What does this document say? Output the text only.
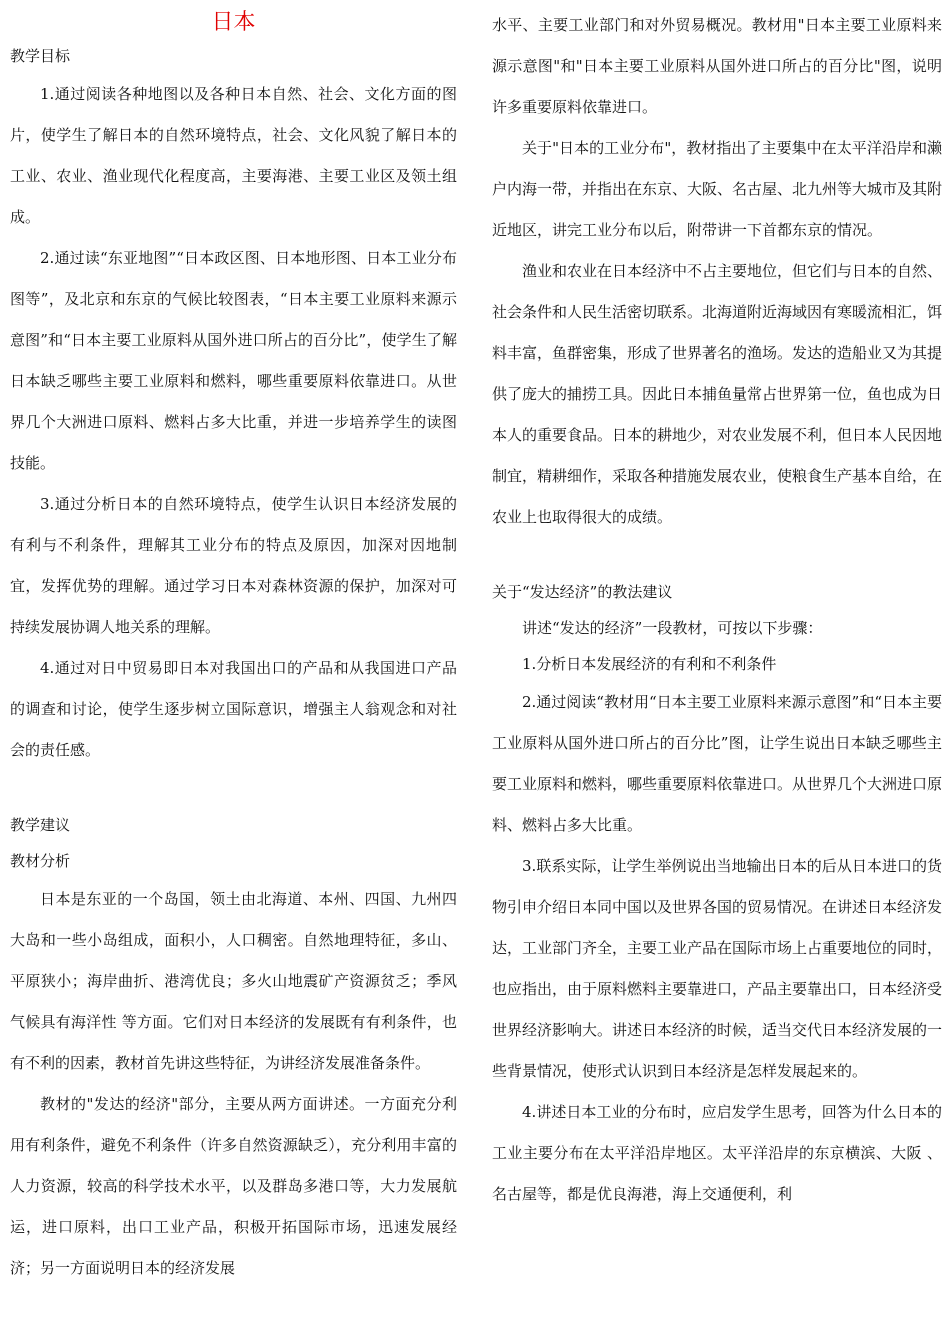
日本
教学目标

1.通过阅读各种地图以及各种日本自然、社会、文化方面的图片，使学生了解日本的自然环境特点，社会、文化风貌了解日本的工业、农业、渔业现代化程度高，主要海港、主要工业区及领土组成。

2.通过读“东亚地图”“日本政区图、日本地形图、日本工业分布图等”，及北京和东京的气候比较图表，“日本主要工业原料来源示意图”和“日本主要工业原料从国外进口所占的百分比”，使学生了解日本缺乏哪些主要工业原料和燃料，哪些重要原料依靠进口。从世界几个大洲进口原料、燃料占多大比重，并进一步培养学生的读图技能。

3.通过分析日本的自然环境特点，使学生认识日本经济发展的有利与不利条件，理解其工业分布的特点及原因，加深对因地制宜，发挥优势的理解。通过学习日本对森林资源的保护，加深对可持续发展协调人地关系的理解。

4.通过对日中贸易即日本对我国出口的产品和从我国进口产品的调查和讨论，使学生逐步树立国际意识，增强主人翁观念和对社会的责任感。

教学建议
教材分析

日本是东亚的一个岛国，领土由北海道、本州、四国、九州四大岛和一些小岛组成，面积小，人口稠密。自然地理特征，多山、平原狭小；海岸曲折、港湾优良；多火山地震矿产资源贫乏；季风气候具有海洋性 等方面。它们对日本经济的发展既有有利条件，也有不利的因素，教材首先讲这些特征，为讲经济发展准备条件。

教材的"发达的经济"部分，主要从两方面讲述。一方面充分利用有利条件，避免不利条件（许多自然资源缺乏），充分利用丰富的人力资源，较高的科学技术水平，以及群岛多港口等，大力发展航运，进口原料，出口工业产品，积极开拓国际市场，迅速发展经济；另一方面说明日本的经济发展

水平、主要工业部门和对外贸易概况。教材用"日本主要工业原料来源示意图"和"日本主要工业原料从国外进口所占的百分比"图，说明许多重要原料依靠进口。

关于"日本的工业分布"，教材指出了主要集中在太平洋沿岸和濑户内海一带，并指出在东京、大阪、名古屋、北九州等大城市及其附近地区，讲完工业分布以后，附带讲一下首都东京的情况。

渔业和农业在日本经济中不占主要地位，但它们与日本的自然、社会条件和人民生活密切联系。北海道附近海域因有寒暖流相汇，饵料丰富，鱼群密集，形成了世界著名的渔场。发达的造船业又为其提供了庞大的捕捞工具。因此日本捕鱼量常占世界第一位，鱼也成为日本人的重要食品。日本的耕地少，对农业发展不利，但日本人民因地制宜，精耕细作，采取各种措施发展农业，使粮食生产基本自给，在农业上也取得很大的成绩。

关于“发达经济”的教法建议
讲述“发达的经济”一段教材，可按以下步骤：
1.分析日本发展经济的有利和不利条件

2.通过阅读“教材用“日本主要工业原料来源示意图”和“日本主要工业原料从国外进口所占的百分比”图，让学生说出日本缺乏哪些主要工业原料和燃料，哪些重要原料依靠进口。从世界几个大洲进口原料、燃料占多大比重。

3.联系实际，让学生举例说出当地输出日本的后从日本进口的货物引申介绍日本同中国以及世界各国的贸易情况。在讲述日本经济发达，工业部门齐全，主要工业产品在国际市场上占重要地位的同时，也应指出，由于原料燃料主要靠进口，产品主要靠出口，日本经济受世界经济影响大。讲述日本经济的时候，适当交代日本经济发展的一些背景情况，使形式认识到日本经济是怎样发展起来的。

4.讲述日本工业的分布时，应启发学生思考，回答为什么日本的工业主要分布在太平洋沿岸地区。太平洋沿岸的东京横滨、大阪 、名古屋等，都是优良海港，海上交通便利，利
